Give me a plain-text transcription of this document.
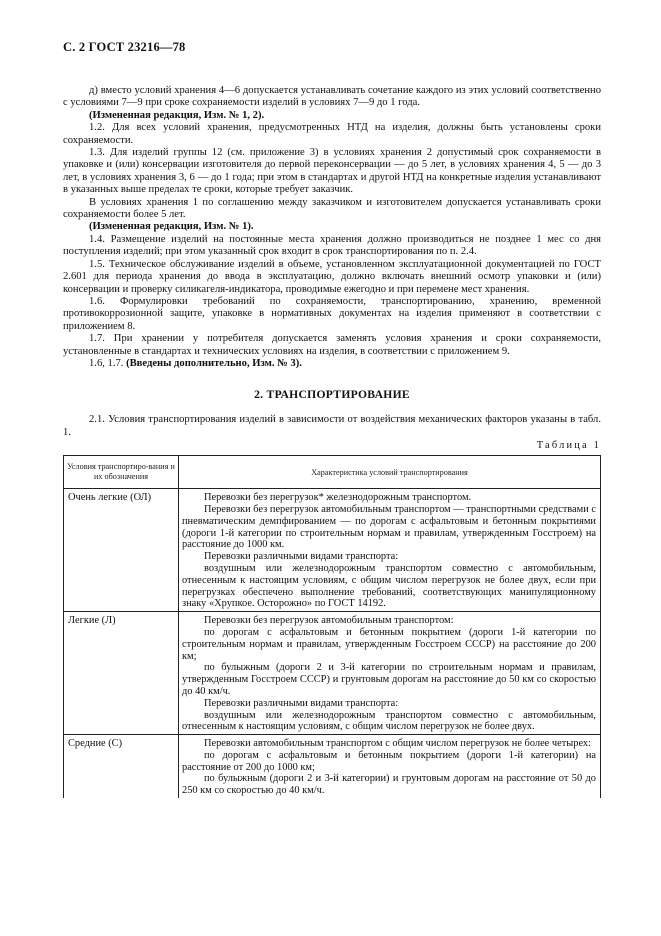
С. 2 ГОСТ 23216—78

д) вместо условий хранения 4—6 допускается устанавливать сочетание каждого из этих условий соответственно с условиями 7—9 при сроке сохраняемости изделий в условиях 7—9 до 1 года.

(Измененная редакция, Изм. № 1, 2).

1.2. Для всех условий хранения, предусмотренных НТД на изделия, должны быть установлены сроки сохраняемости.

1.3. Для изделий группы 12 (см. приложение 3) в условиях хранения 2 допустимый срок сохраняемости в упаковке и (или) консервации изготовителя до первой переконсервации — до 5 лет, в условиях хранения 4, 5 — до 3 лет, в условиях хранения 3, 6 — до 1 года; при этом в стандартах и другой НТД на конкретные изделия устанавливают в указанных выше пределах те сроки, которые требует заказчик.

В условиях хранения 1 по соглашению между заказчиком и изготовителем допускается устанавливать сроки сохраняемости более 5 лет.

(Измененная редакция, Изм. № 1).

1.4. Размещение изделий на постоянные места хранения должно производиться не позднее 1 мес со дня поступления изделий; при этом указанный срок входит в срок транспортирования по п. 2.4.

1.5. Техническое обслуживание изделий в объеме, установленном эксплуатационной документацией по ГОСТ 2.601 для периода хранения до ввода в эксплуатацию, должно включать внешний осмотр упаковки и (или) консервации и проверку силикагеля-индикатора, проводимые ежегодно и при перемене мест хранения.

1.6. Формулировки требований по сохраняемости, транспортированию, хранению, временной противокоррозионной защите, упаковке в нормативных документах на изделия применяют в соответствии с приложением 8.

1.7. При хранении у потребителя допускается заменять условия хранения и сроки сохраняемости, установленные в стандартах и технических условиях на изделия, в соответствии с приложением 9.

1.6, 1.7. (Введены дополнительно, Изм. № 3).

2. ТРАНСПОРТИРОВАНИЕ

2.1. Условия транспортирования изделий в зависимости от воздействия механических факторов указаны в табл. 1.

Таблица 1
Условия транспортиро-вания и их обозначения	Характеристика условий транспортирования
Очень легкие (ОЛ)	Перевозки без перегрузок* железнодорожным транспортом.

Перевозки без перегрузок автомобильным транспортом — транспортными средствами с пневматическим демпфированием — по дорогам с асфальтовым и бетонным покрытиями (дороги 1-й категории по строительным нормам и правилам, утвержденным Госстроем) на расстояние до 1000 км.

Перевозки различными видами транспорта:

воздушным или железнодорожным транспортом совместно с автомобильным, отнесенным к настоящим условиям, с общим числом перегрузок не более двух, если при перегрузках обеспечено выполнение требований, соответствующих манипуляционному знаку «Хрупкое. Осторожно» по ГОСТ 14192.

Легкие (Л)	Перевозки без перегрузок автомобильным транспортом:

по дорогам с асфальтовым и бетонным покрытием (дороги 1-й категории по строительным нормам и правилам, утвержденным Госстроем СССР) на расстояние до 200 км;

по булыжным (дороги 2 и 3-й категории по строительным нормам и правилам, утвержденным Госстроем СССР) и грунтовым дорогам на расстояние до 50 км со скоростью до 40 км/ч.

Перевозки различными видами транспорта:

воздушным или железнодорожным транспортом совместно с автомобильным, отнесенным к настоящим условиям, с общим числом перегрузок не более двух.

Средние (С)	Перевозки автомобильным транспортом с общим числом перегрузок не более четырех:

по дорогам с асфальтовым и бетонным покрытием (дороги 1-й категории) на расстояние от 200 до 1000 км;

по булыжным (дороги 2 и 3-й категории) и грунтовым дорогам на расстояние от 50 до 250 км со скоростью до 40 км/ч.
